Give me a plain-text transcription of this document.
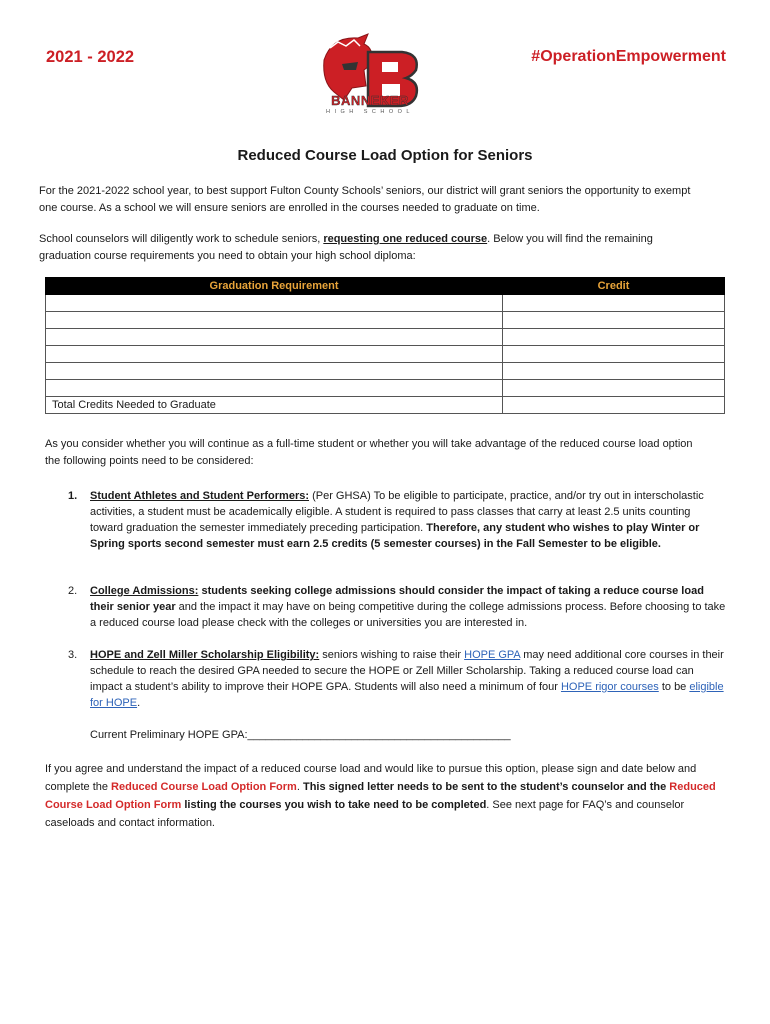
2021 - 2022	#OperationEmpowerment
BANNEKER
HIGH SCHOOL
Reduced Course Load Option for Seniors
For the 2021-2022 school year, to best support Fulton County Schools’ seniors, our district will grant seniors the opportunity to exempt one course. As a school we will ensure seniors are enrolled in the courses needed to graduate on time.
School counselors will diligently work to schedule seniors, requesting one reduced course. Below you will find the remaining graduation course requirements you need to obtain your high school diploma:
Graduation Requirement	Credit

Total Credits Needed to Graduate	
As you consider whether you will continue as a full-time student or whether you will take advantage of the reduced course load option the following points need to be considered:
1. Student Athletes and Student Performers: (Per GHSA) To be eligible to participate, practice, and/or try out in interscholastic activities, a student must be academically eligible. A student is required to pass classes that carry at least 2.5 units counting toward graduation the semester immediately preceding participation. Therefore, any student who wishes to play Winter or Spring sports second semester must earn 2.5 credits (5 semester courses) in the Fall Semester to be eligible.
2. College Admissions: students seeking college admissions should consider the impact of taking a reduce course load their senior year and the impact it may have on being competitive during the college admissions process. Before choosing to take a reduced course load please check with the colleges or universities you are interested in.
3. HOPE and Zell Miller Scholarship Eligibility: seniors wishing to raise their HOPE GPA may need additional core courses in their schedule to reach the desired GPA needed to secure the HOPE or Zell Miller Scholarship. Taking a reduced course load can impact a student’s ability to improve their HOPE GPA. Students will also need a minimum of four HOPE rigor courses to be eligible for HOPE.
Current Preliminary HOPE GPA:___________________________________________
If you agree and understand the impact of a reduced course load and would like to pursue this option, please sign and date below and complete the Reduced Course Load Option Form. This signed letter needs to be sent to the student’s counselor and the Reduced Course Load Option Form listing the courses you wish to take need to be completed. See next page for FAQ’s and counselor caseloads and contact information.
